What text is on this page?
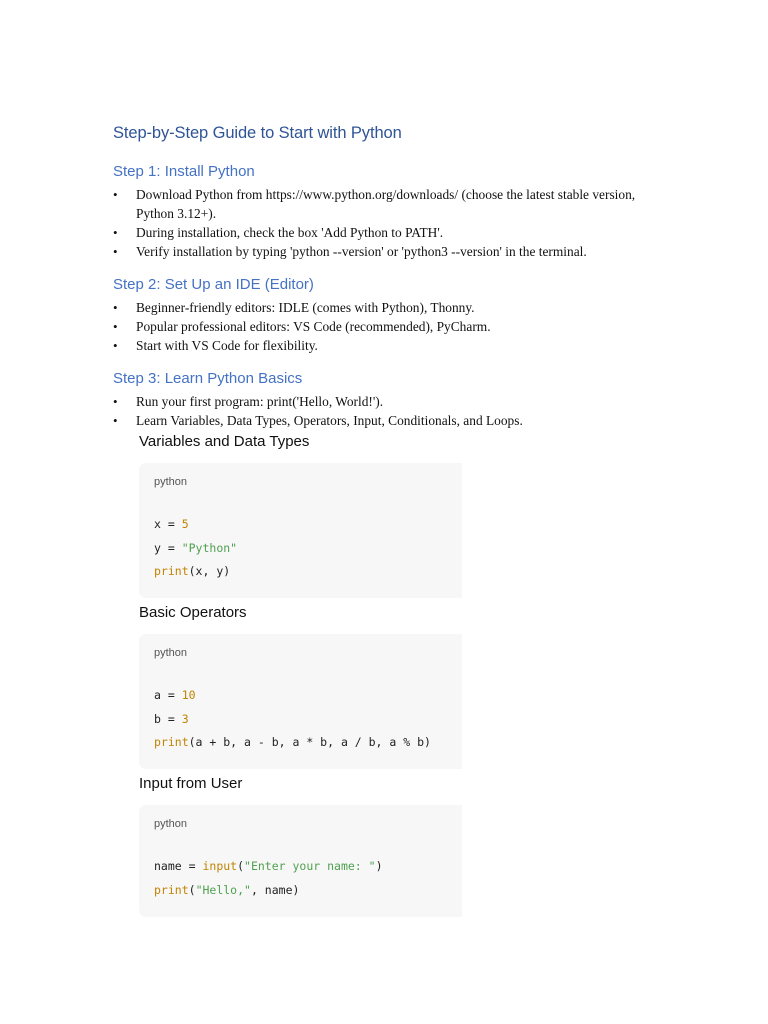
Step-by-Step Guide to Start with Python
Step 1: Install Python
• Download Python from https://www.python.org/downloads/ (choose the latest stable version, Python 3.12+).
• During installation, check the box 'Add Python to PATH'.
• Verify installation by typing 'python --version' or 'python3 --version' in the terminal.
Step 2: Set Up an IDE (Editor)
• Beginner-friendly editors: IDLE (comes with Python), Thonny.
• Popular professional editors: VS Code (recommended), PyCharm.
• Start with VS Code for flexibility.
Step 3: Learn Python Basics
• Run your first program: print('Hello, World!').
• Learn Variables, Data Types, Operators, Input, Conditionals, and Loops.
Variables and Data Types
python
x = 5
y = "Python"
print(x, y)
Basic Operators
python
a = 10
b = 3
print(a + b, a - b, a * b, a / b, a % b)
Input from User
python
name = input("Enter your name: ")
print("Hello,", name)
